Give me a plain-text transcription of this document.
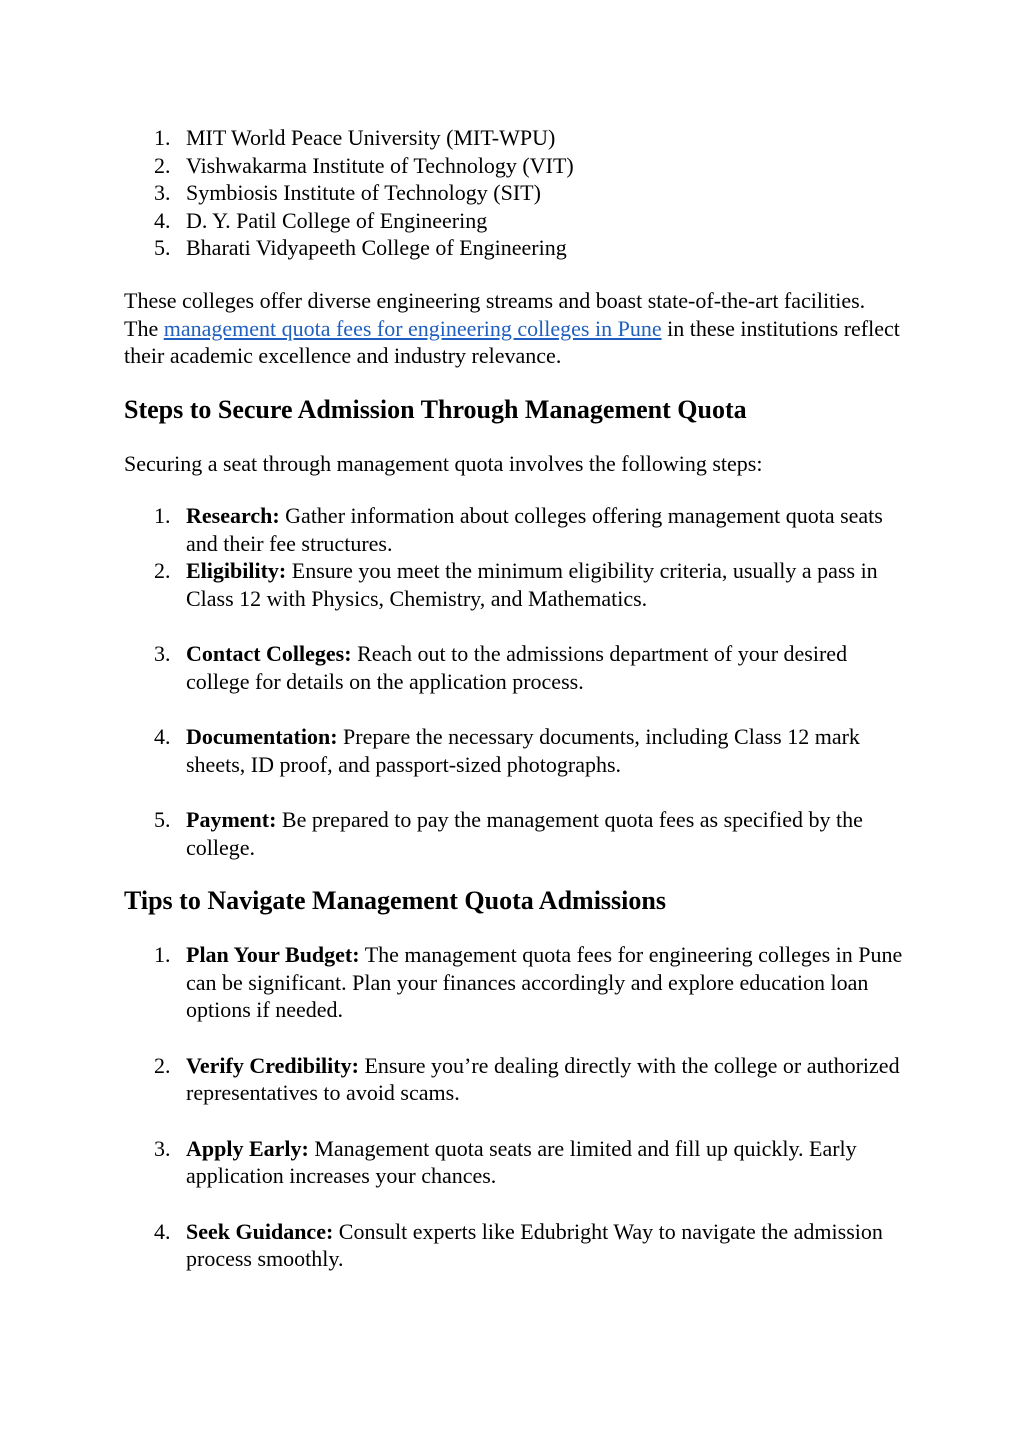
1. MIT World Peace University (MIT-WPU)
2. Vishwakarma Institute of Technology (VIT)
3. Symbiosis Institute of Technology (SIT)
4. D. Y. Patil College of Engineering
5. Bharati Vidyapeeth College of Engineering

These colleges offer diverse engineering streams and boast state-of-the-art facilities. The management quota fees for engineering colleges in Pune in these institutions reflect their academic excellence and industry relevance.

Steps to Secure Admission Through Management Quota

Securing a seat through management quota involves the following steps:

1. Research: Gather information about colleges offering management quota seats and their fee structures.
2. Eligibility: Ensure you meet the minimum eligibility criteria, usually a pass in Class 12 with Physics, Chemistry, and Mathematics.
3. Contact Colleges: Reach out to the admissions department of your desired college for details on the application process.
4. Documentation: Prepare the necessary documents, including Class 12 mark sheets, ID proof, and passport-sized photographs.
5. Payment: Be prepared to pay the management quota fees as specified by the college.
Tips to Navigate Management Quota Admissions
1. Plan Your Budget: The management quota fees for engineering colleges in Pune can be significant. Plan your finances accordingly and explore education loan options if needed.
2. Verify Credibility: Ensure you’re dealing directly with the college or authorized representatives to avoid scams.
3. Apply Early: Management quota seats are limited and fill up quickly. Early application increases your chances.
4. Seek Guidance: Consult experts like Edubright Way to navigate the admission process smoothly.
